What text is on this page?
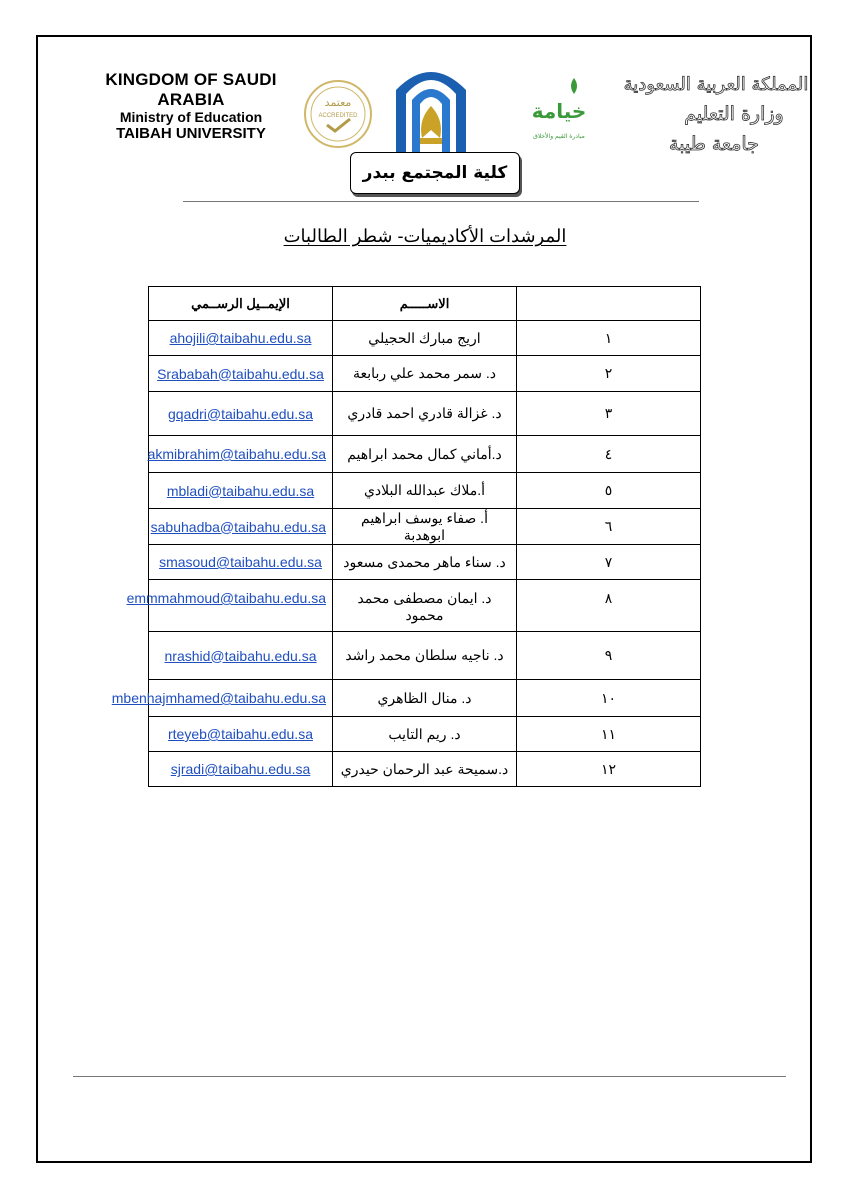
KINGDOM OF SAUDI ARABIA
Ministry of Education
TAIBAH UNIVERSITY
معتمد
ACCREDITED	خيامة
مبادرة القيم والأخلاق
المملكة العربية السعودية
وزارة التعليم
جامعة طيبة
كلية المجتمع ببدر
المرشدات الأكاديميات- شطر الطالبات
	الاســـــم	الإيمــيل الرســمي
١	اريج مبارك الحجيلي	ahojili@taibahu.edu.sa
٢	د. سمر محمد علي ربابعة	Srababah@taibahu.edu.sa
٣	د. غزالة قادري احمد قادري	gqadri@taibahu.edu.sa
٤	د.أماني كمال محمد ابراهيم	akmibrahim@taibahu.edu.sa
٥	أ.ملاك عبدالله البلادي	mbladi@taibahu.edu.sa
٦	أ. صفاء يوسف ابراهيم ابوهدبة	sabuhadba@taibahu.edu.sa
٧	د. سناء ماهر محمدى مسعود	smasoud@taibahu.edu.sa
٨	د. ايمان مصطفى محمد محمود	emmmahmoud@taibahu.edu.sa
٩	د. ناجيه سلطان محمد راشد	nrashid@taibahu.edu.sa
١٠	د. منال الظاهري	mbenhajmhamed@taibahu.edu.sa
١١	د. ريم التايب	rteyeb@taibahu.edu.sa
١٢	د.سميحة عبد الرحمان حيدري	sjradi@taibahu.edu.sa
